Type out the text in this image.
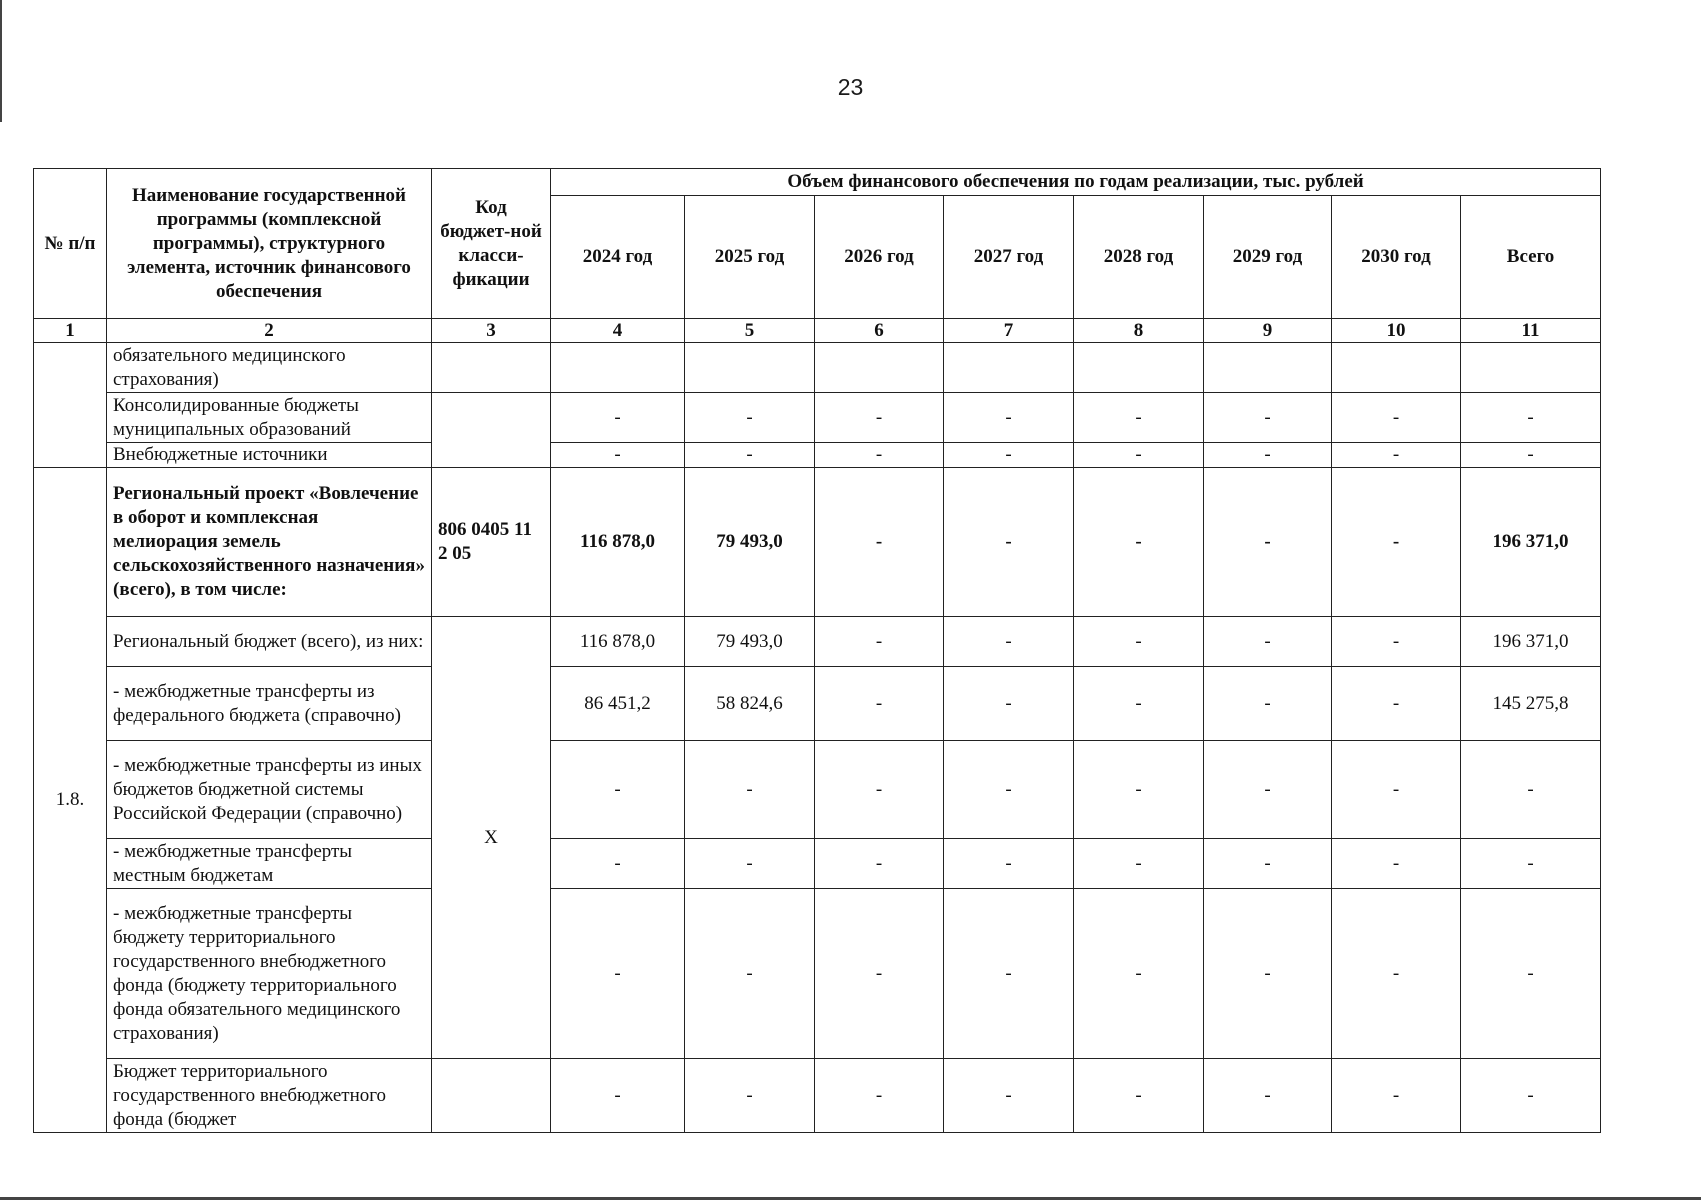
23
№ п/п	Наименование государственной программы (комплексной программы), структурного элемента, источник финансового обеспечения	Код бюджет-ной класси-фикации	Объем финансового обеспечения по годам реализации, тыс. рублей							
			2024 год	2025 год	2026 год	2027 год	2028 год	2029 год	2030 год	Всего
1	2	3	4	5	6	7	8	9	10	11
	обязательного медицинского страхования)									
	Консолидированные бюджеты муниципальных образований		-	-	-	-	-	-	-	-
	Внебюджетные источники		-	-	-	-	-	-	-	-
1.8.	Региональный проект «Вовлечение в оборот и комплексная мелиорация земель сельскохозяйственного назначения» (всего), в том числе:	806 0405 11 2 05	116 878,0	79 493,0	-	-	-	-	-	196 371,0
	Региональный бюджет (всего), из них:	X	116 878,0	79 493,0	-	-	-	-	-	196 371,0
	- межбюджетные трансферты из федерального бюджета (справочно)		86 451,2	58 824,6	-	-	-	-	-	145 275,8
	- межбюджетные трансферты из иных бюджетов бюджетной системы Российской Федерации (справочно)		-	-	-	-	-	-	-	-
	- межбюджетные трансферты местным бюджетам		-	-	-	-	-	-	-	-
	- межбюджетные трансферты бюджету территориального государственного внебюджетного фонда (бюджету территориального фонда обязательного медицинского страхования)		-	-	-	-	-	-	-	-
	Бюджет территориального государственного внебюджетного фонда (бюджет		-	-	-	-	-	-	-	-
